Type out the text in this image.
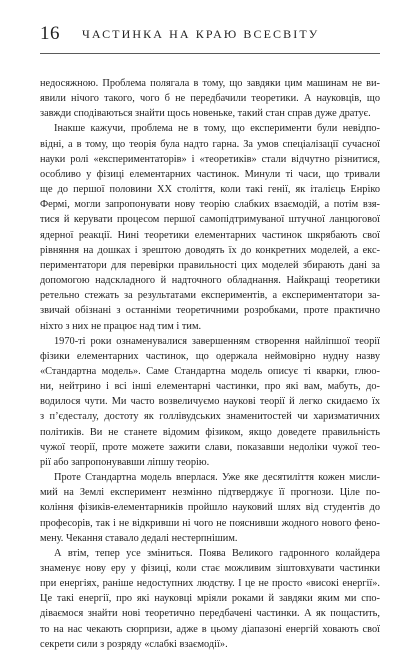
16 ЧАСТИНКА НА КРАЮ ВСЕСВІТУ

недосяжною. Проблема полягала в тому, що завдяки цим машинам не ви-
явили нічого такого, чого б не передбачили теоретики. А науковців, що
завжди сподіваються знайти щось новеньке, такий стан справ дуже дратує.

Інакше кажучи, проблема не в тому, що експерименти були невідпо-
відні, а в тому, що теорія була надто гарна. За умов спеціалізації сучасної
науки ролі «експериментаторів» і «теоретиків» стали відчутно різнитися,
особливо у фізиці елементарних частинок. Минули ті часи, що тривали
ще до першої половини XX століття, коли такі генії, як італієць Енріко
Фермі, могли запропонувати нову теорію слабких взаємодій, а потім взя-
тися й керувати процесом першої самопідтримуваної штучної ланцюгової
ядерної реакції. Нині теоретики елементарних частинок шкрябають свої
рівняння на дошках і зрештою доводять їх до конкретних моделей, а екс-
периментатори для перевірки правильності цих моделей збирають дані за
допомогою надскладного й надточного обладнання. Найкращі теоретики
ретельно стежать за результатами експериментів, а експериментатори за-
звичай обізнані з останніми теоретичними розробками, проте практично
ніхто з них не працює над тим і тим.

1970-ті роки ознаменувалися завершенням створення найліпшої теорії
фізики елементарних частинок, що одержала неймовірно нудну назву
«Стандартна модель». Саме Стандартна модель описує ті кварки, глюо-
ни, нейтрино і всі інші елементарні частинки, про які вам, мабуть, до-
водилося чути. Ми часто возвеличуємо наукові теорії й легко скидаємо їх
з п’єдесталу, достоту як голлівудських знаменитостей чи харизматичних
політиків. Ви не станете відомим фізиком, якщо доведете правильність
чужої теорії, проте можете зажити слави, показавши недоліки чужої тео-
рії або запропонувавши ліпшу теорію.

Проте Стандартна модель вперлася. Уже яке десятиліття кожен мисли-
мий на Землі експеримент незмінно підтверджує її прогнози. Ціле по-
коління фізиків-елементарників пройшло науковий шлях від студентів до
професорів, так і не відкривши ні чого не пояснивши жодного нового фено-
мену. Чекання ставало дедалі нестерпнішим.

А втім, тепер усе зміниться. Поява Великого гадронного колайдера
знаменує нову еру у фізиці, коли стає можливим зіштовхувати частинки
при енергіях, раніше недоступних людству. І це не просто «високі енергії».
Це такі енергії, про які науковці мріяли роками й завдяки яким ми спо-
діваємося знайти нові теоретично передбачені частинки. А як пощастить,
то на нас чекають сюрпризи, адже в цьому діапазоні енергій ховають свої
секрети сили з розряду «слабкі взаємодії».
